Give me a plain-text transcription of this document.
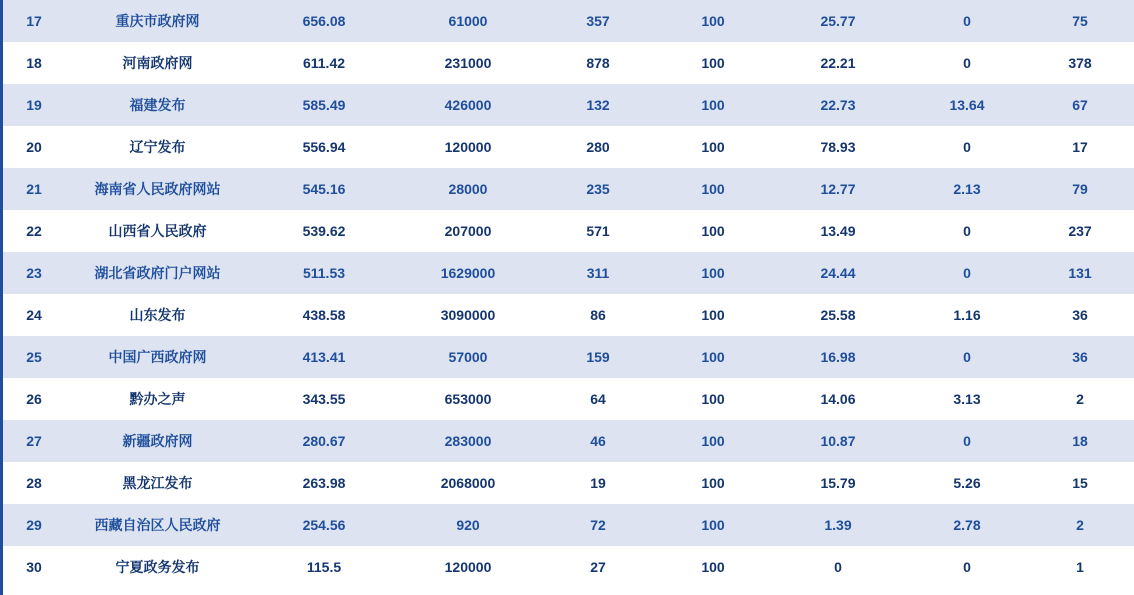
17	重庆市政府网	656.08	61000	357	100	25.77	0	75
18	河南政府网	611.42	231000	878	100	22.21	0	378
19	福建发布	585.49	426000	132	100	22.73	13.64	67
20	辽宁发布	556.94	120000	280	100	78.93	0	17
21	海南省人民政府网站	545.16	28000	235	100	12.77	2.13	79
22	山西省人民政府	539.62	207000	571	100	13.49	0	237
23	湖北省政府门户网站	511.53	1629000	311	100	24.44	0	131
24	山东发布	438.58	3090000	86	100	25.58	1.16	36
25	中国广西政府网	413.41	57000	159	100	16.98	0	36
26	黔办之声	343.55	653000	64	100	14.06	3.13	2
27	新疆政府网	280.67	283000	46	100	10.87	0	18
28	黑龙江发布	263.98	2068000	19	100	15.79	5.26	15
29	西藏自治区人民政府	254.56	920	72	100	1.39	2.78	2
30	宁夏政务发布	115.5	120000	27	100	0	0	1
